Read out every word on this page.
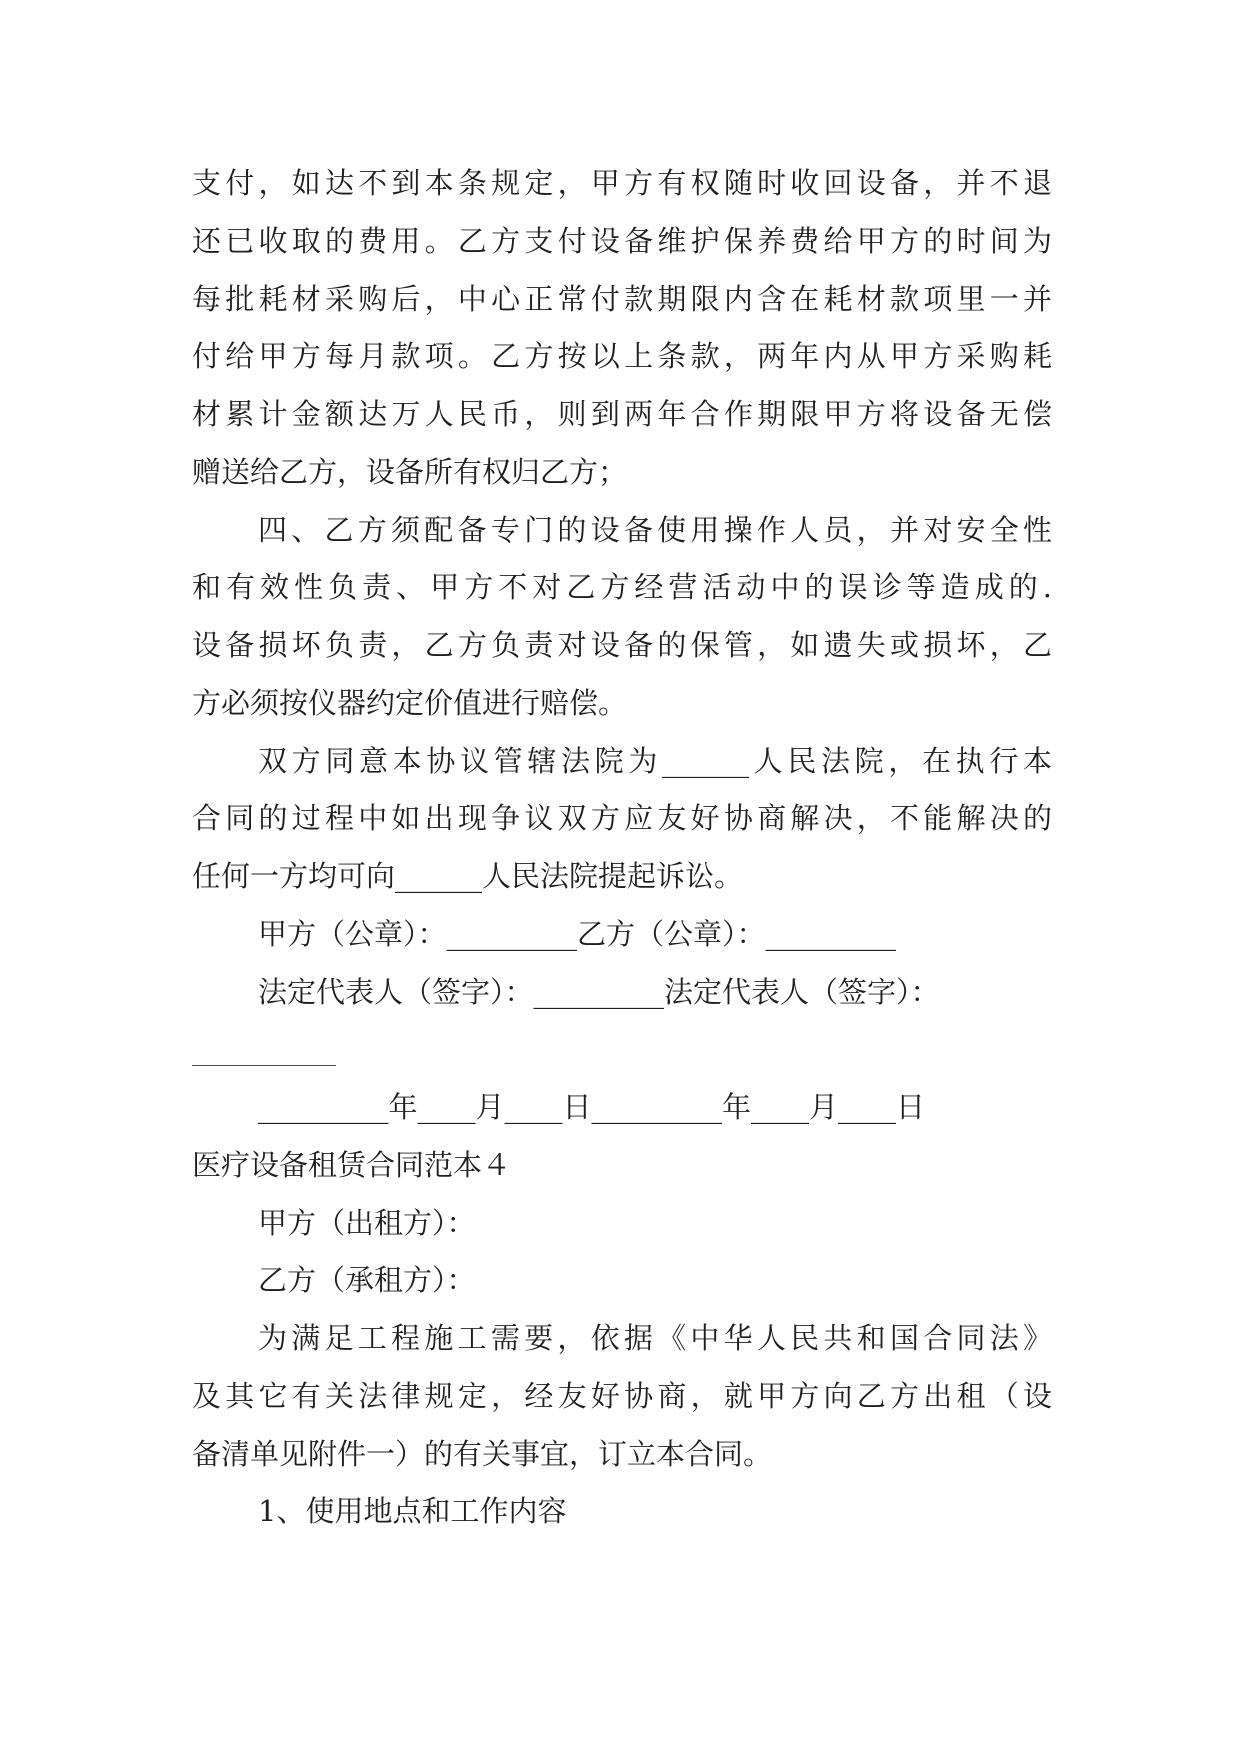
支付，如达不到本条规定，甲方有权随时收回设备，并不退
还已收取的费用。乙方支付设备维护保养费给甲方的时间为
每批耗材采购后，中心正常付款期限内含在耗材款项里一并
付给甲方每月款项。乙方按以上条款，两年内从甲方采购耗
材累计金额达万人民币，则到两年合作期限甲方将设备无偿
赠送给乙方，设备所有权归乙方；
四、乙方须配备专门的设备使用操作人员，并对安全性
和有效性负责、甲方不对乙方经营活动中的误诊等造成的.
设备损坏负责，乙方负责对设备的保管，如遗失或损坏，乙
方必须按仪器约定价值进行赔偿。
双方同意本协议管辖法院为______人民法院，在执行本
合同的过程中如出现争议双方应友好协商解决，不能解决的
任何一方均可向______人民法院提起诉讼。
甲方（公章）：_________乙方（公章）：_________
法定代表人（签字）：_________法定代表人（签字）：
_________年____月____日_________年____月____日
医疗设备租赁合同范本４
甲方（出租方）：
乙方（承租方）：
为满足工程施工需要，依据《中华人民共和国合同法》
及其它有关法律规定，经友好协商，就甲方向乙方出租（设
备清单见附件一）的有关事宜，订立本合同。
1、使用地点和工作内容
